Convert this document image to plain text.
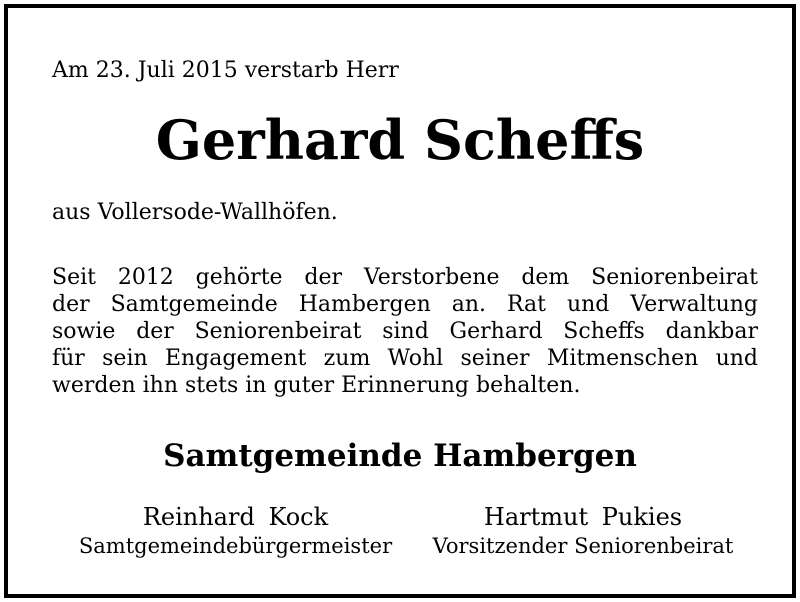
Am 23. Juli 2015 verstarb Herr

Gerhard Scheffs

aus Vollersode-Wallhöfen.

Seit 2012 gehörte der Verstorbene dem Seniorenbeirat
der Samtgemeinde Hambergen an. Rat und Verwaltung
sowie der Seniorenbeirat sind Gerhard Scheffs dankbar
für sein Engagement zum Wohl seiner Mitmenschen und
werden ihn stets in guter Erinnerung behalten.
Samtgemeinde Hambergen
Reinhard Kock
Samtgemeindebürgermeister
Hartmut Pukies
Vorsitzender Seniorenbeirat
